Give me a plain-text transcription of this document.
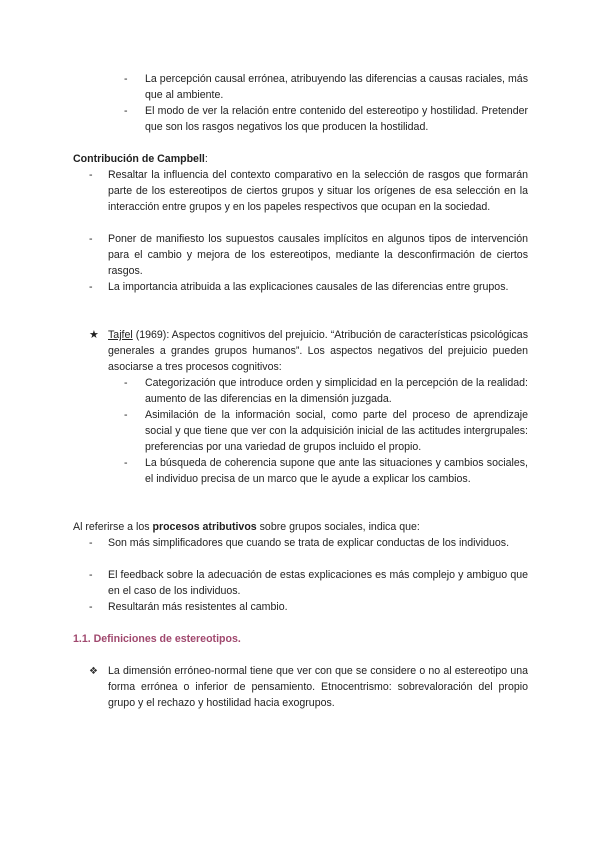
-	La percepción causal errónea, atribuyendo las diferencias a causas raciales, más que al ambiente.
-	El modo de ver la relación entre contenido del estereotipo y hostilidad. Pretender que son los rasgos negativos los que producen la hostilidad.
Contribución de Campbell:
-	Resaltar la influencia del contexto comparativo en la selección de rasgos que formarán parte de los estereotipos de ciertos grupos y situar los orígenes de esa selección en la interacción entre grupos y en los papeles respectivos que ocupan en la sociedad.
-	Poner de manifiesto los supuestos causales implícitos en algunos tipos de intervención para el cambio y mejora de los estereotipos, mediante la desconfirmación de ciertos rasgos.
-	La importancia atribuida a las explicaciones causales de las diferencias entre grupos.
★ Tajfel (1969): Aspectos cognitivos del prejuicio. “Atribución de características psicológicas generales a grandes grupos humanos”. Los aspectos negativos del prejuicio pueden asociarse a tres procesos cognitivos:
-	Categorización que introduce orden y simplicidad en la percepción de la realidad: aumento de las diferencias en la dimensión juzgada.
-	Asimilación de la información social, como parte del proceso de aprendizaje social y que tiene que ver con la adquisición inicial de las actitudes intergrupales: preferencias por una variedad de grupos incluido el propio.
-	La búsqueda de coherencia supone que ante las situaciones y cambios sociales, el individuo precisa de un marco que le ayude a explicar los cambios.
Al referirse a los procesos atributivos sobre grupos sociales, indica que:
-	Son más simplificadores que cuando se trata de explicar conductas de los individuos.
-	El feedback sobre la adecuación de estas explicaciones es más complejo y ambiguo que en el caso de los individuos.
-	Resultarán más resistentes al cambio.
1.1. Definiciones de estereotipos.
❖ La dimensión erróneo-normal tiene que ver con que se considere o no al estereotipo una forma errónea o inferior de pensamiento. Etnocentrismo: sobrevaloración del propio grupo y el rechazo y hostilidad hacia exogrupos.
